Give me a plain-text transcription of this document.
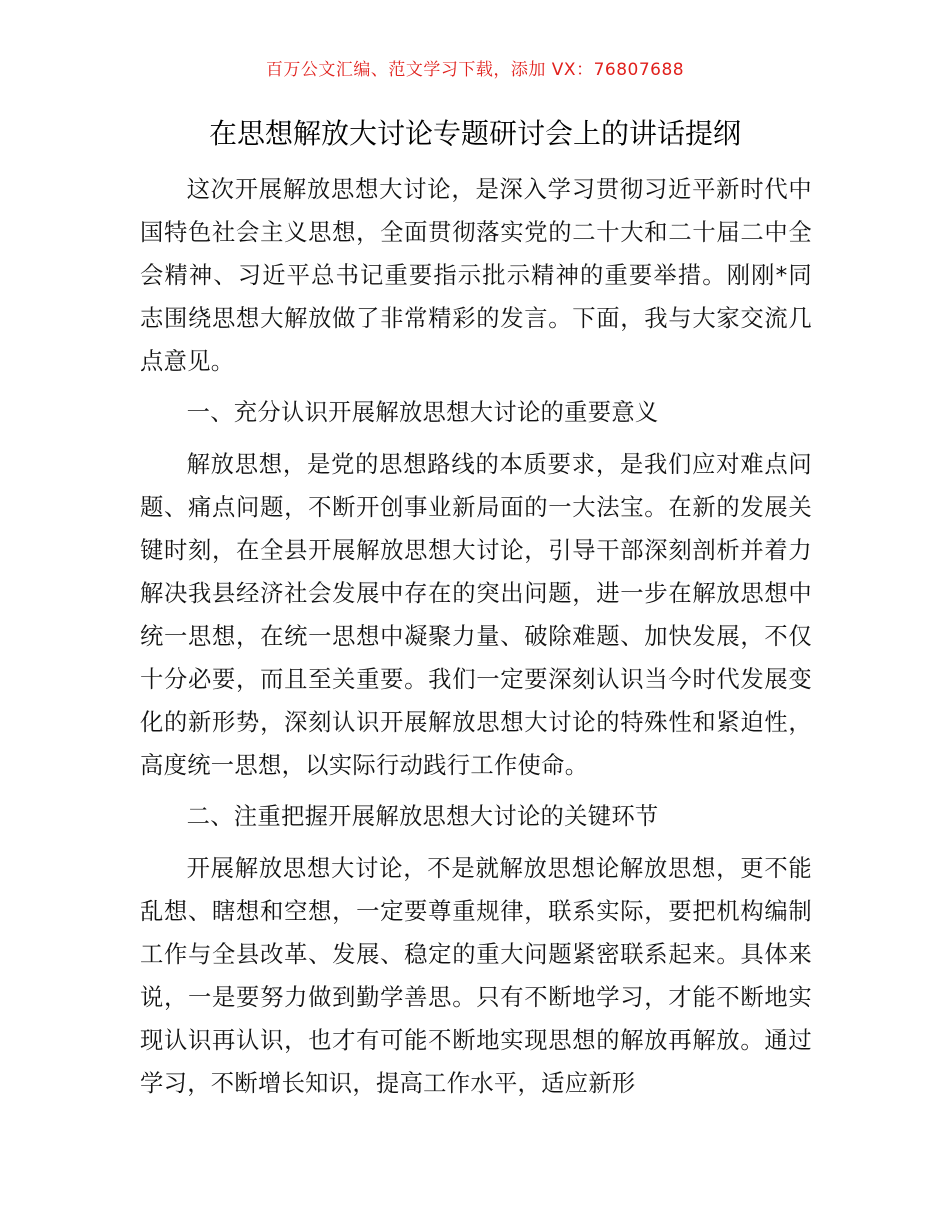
百万公文汇编、范文学习下载，添加 VX：76807688
在思想解放大讨论专题研讨会上的讲话提纲

这次开展解放思想大讨论，是深入学习贯彻习近平新时代中国特色社会主义思想，全面贯彻落实党的二十大和二十届二中全会精神、习近平总书记重要指示批示精神的重要举措。刚刚*同志围绕思想大解放做了非常精彩的发言。下面，我与大家交流几点意见。

一、充分认识开展解放思想大讨论的重要意义

解放思想，是党的思想路线的本质要求，是我们应对难点问题、痛点问题，不断开创事业新局面的一大法宝。在新的发展关键时刻，在全县开展解放思想大讨论，引导干部深刻剖析并着力解决我县经济社会发展中存在的突出问题，进一步在解放思想中统一思想，在统一思想中凝聚力量、破除难题、加快发展，不仅十分必要，而且至关重要。我们一定要深刻认识当今时代发展变化的新形势，深刻认识开展解放思想大讨论的特殊性和紧迫性，高度统一思想，以实际行动践行工作使命。

二、注重把握开展解放思想大讨论的关键环节

开展解放思想大讨论，不是就解放思想论解放思想，更不能乱想、瞎想和空想，一定要尊重规律，联系实际，要把机构编制工作与全县改革、发展、稳定的重大问题紧密联系起来。具体来说，一是要努力做到勤学善思。只有不断地学习，才能不断地实现认识再认识，也才有可能不断地实现思想的解放再解放。通过学习，不断增长知识，提高工作水平，适应新形
